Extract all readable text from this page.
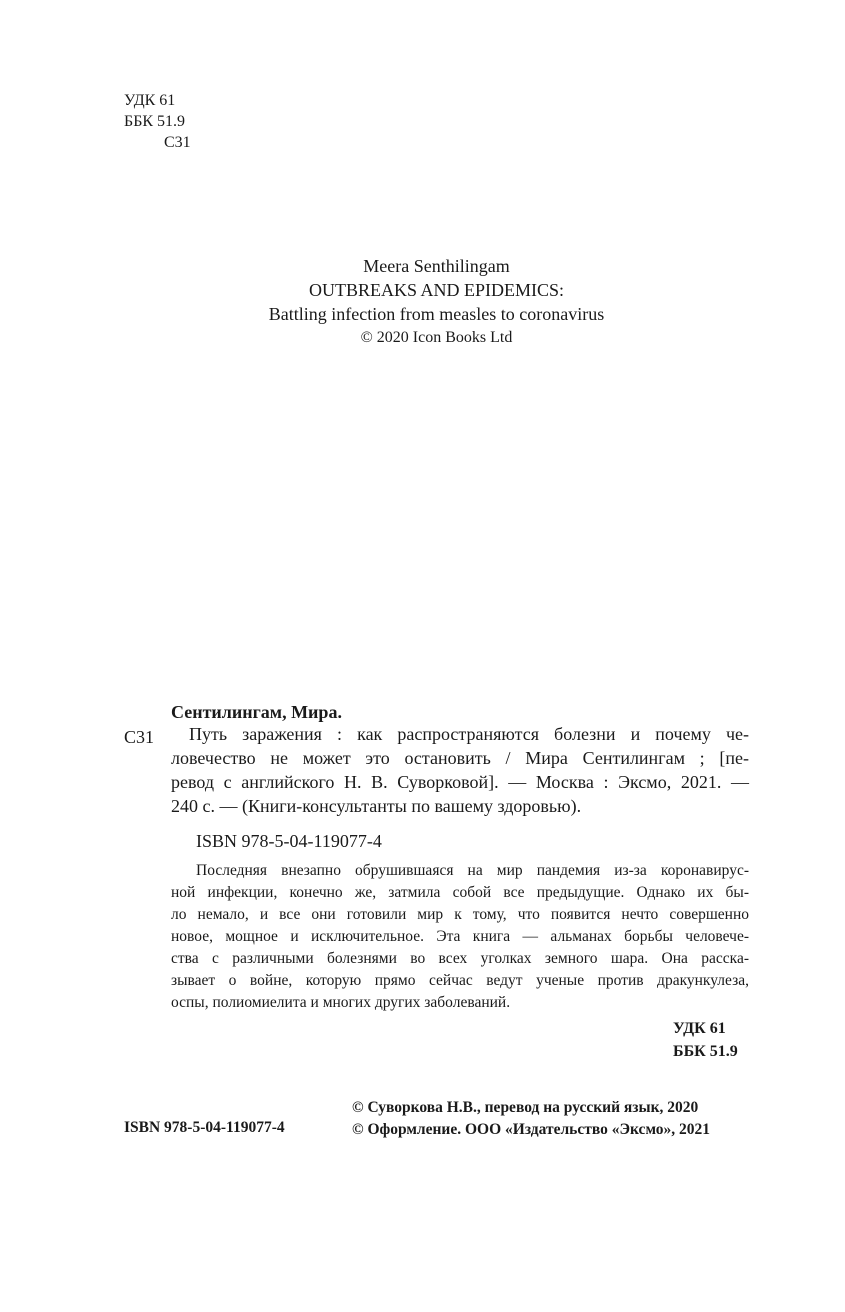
УДК 61
ББК 51.9
С31
Meera Senthilingam
OUTBREAKS AND EPIDEMICS:
Battling infection from measles to coronavirus
© 2020 Icon Books Ltd
Сентилингам, Мира.
С31	Путь заражения : как распространяются болезни и почему че-
ловечество не может это остановить / Мира Сентилингам ; [пе-
ревод с английского Н. В. Суворковой]. — Москва : Эксмо, 2021. —
240 с. — (Книги-консультанты по вашему здоровью).
ISBN 978-5-04-119077-4
Последняя внезапно обрушившаяся на мир пандемия из-за коронавирус-
ной инфекции, конечно же, затмила собой все предыдущие. Однако их бы-
ло немало, и все они готовили мир к тому, что появится нечто совершенно
новое, мощное и исключительное. Эта книга — альманах борьбы человече-
ства с различными болезнями во всех уголках земного шара. Она расска-
зывает о войне, которую прямо сейчас ведут ученые против дракункулеза,
оспы, полиомиелита и многих других заболеваний.
УДК 61
ББК 51.9
ISBN 978-5-04-119077-4
© Суворкова Н.В., перевод на русский язык, 2020
© Оформление. ООО «Издательство «Эксмо», 2021
